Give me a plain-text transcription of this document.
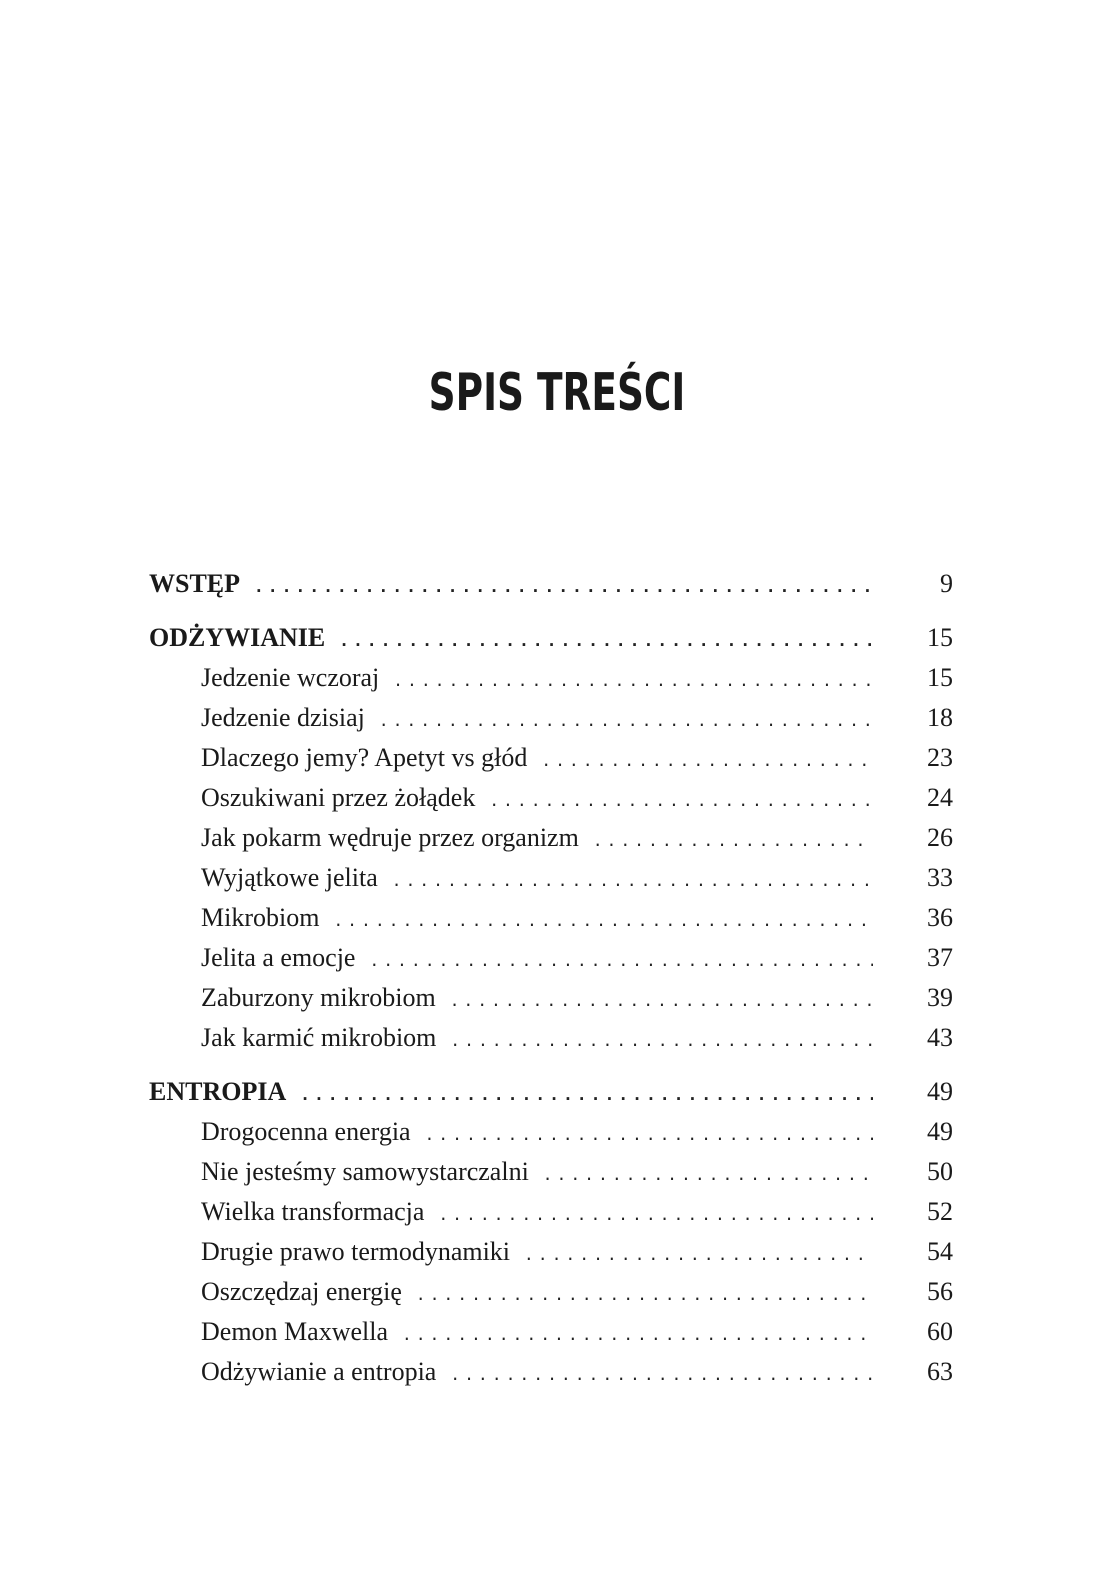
SPIS TREŚCI
WSTĘP .....	9
ODŻYWIANIE .....	15
Jedzenie wczoraj .....	15
Jedzenie dzisiaj .....	18
Dlaczego jemy? Apetyt vs głód .....	23
Oszukiwani przez żołądek .....	24
Jak pokarm wędruje przez organizm .....	26
Wyjątkowe jelita .....	33
Mikrobiom .....	36
Jelita a emocje .....	37
Zaburzony mikrobiom .....	39
Jak karmić mikrobiom .....	43
ENTROPIA .....	49
Drogocenna energia .....	49
Nie jesteśmy samowystarczalni .....	50
Wielka transformacja .....	52
Drugie prawo termodynamiki .....	54
Oszczędzaj energię .....	56
Demon Maxwella .....	60
Odżywianie a entropia .....	63
